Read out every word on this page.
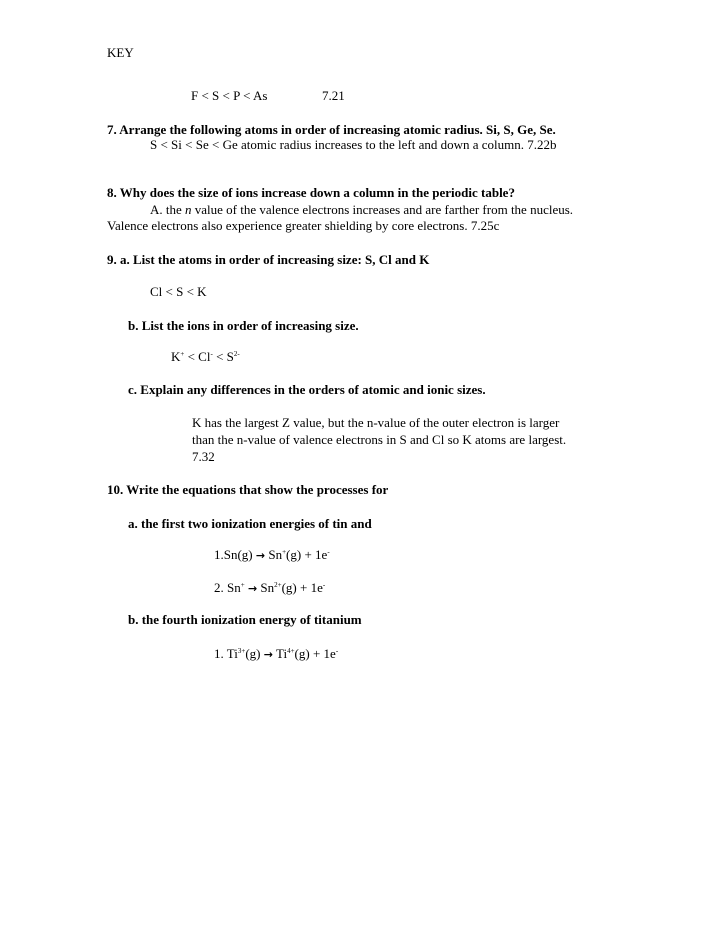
KEY
F < S < P < As	7.21
7. Arrange the following atoms in order of increasing atomic radius. Si, S, Ge, Se.
S < Si < Se < Ge atomic radius increases to the left and down a column. 7.22b
8. Why does the size of ions increase down a column in the periodic table?
A. the n value of the valence electrons increases and are farther from the nucleus.
Valence electrons also experience greater shielding by core electrons. 7.25c
9. a. List the atoms in order of increasing size: S, Cl and K
Cl < S < K
b. List the ions in order of increasing size.
$K^+ < Cl^- < S^{2-}$
c. Explain any differences in the orders of atomic and ionic sizes.
K has the largest Z value, but the n-value of the outer electron is larger
than the n-value of valence electrons in S and Cl so K atoms are largest.
7.32
10. Write the equations that show the processes for
a. the first two ionization energies of tin and
1.Sn(g) → Sn+(g) + 1e-
2. $Sn^+ \to Sn^{2+}(g) + 1e^-$
b. the fourth ionization energy of titanium
1. $Ti^{3+}(g) \to Ti^{4+}(g) + 1e^-$
